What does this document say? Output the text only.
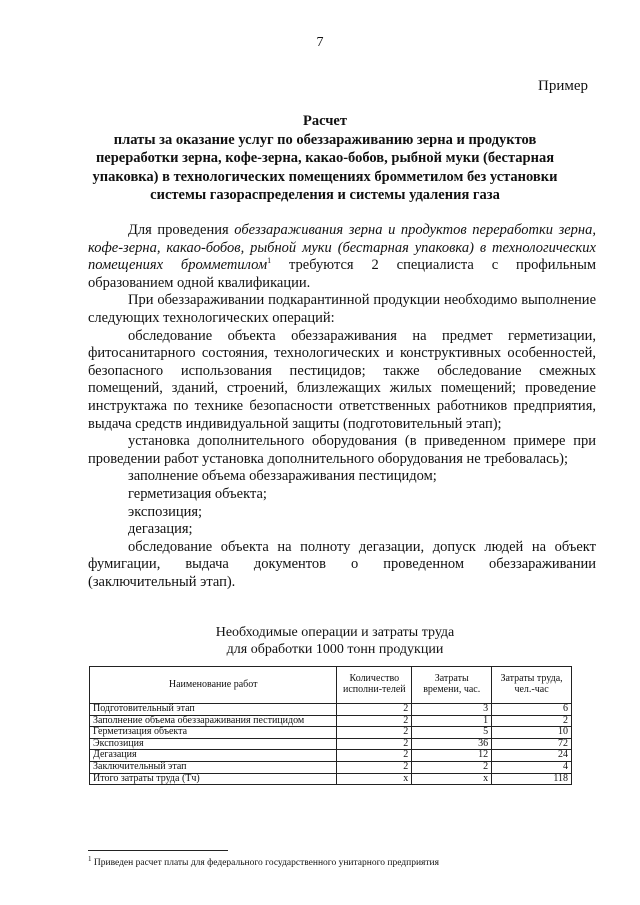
7
Пример
Расчет
платы за оказание услуг по обеззараживанию зерна и продуктов
переработки зерна, кофе-зерна, какао-бобов, рыбной муки (бестарная
упаковка) в технологических помещениях бромметилом без установки
системы газораспределения и системы удаления газа

Для проведения обеззараживания зерна и продуктов переработки зерна, кофе-зерна, какао-бобов, рыбной муки (бестарная упаковка) в технологических помещениях бромметилом$^1$ требуются 2 специалиста с профильным образованием одной квалификации.

При обеззараживании подкарантинной продукции необходимо выполнение следующих технологических операций:

обследование объекта обеззараживания на предмет герметизации, фитосанитарного состояния, технологических и конструктивных особенностей, безопасного использования пестицидов; также обследование смежных помещений, зданий, строений, близлежащих жилых помещений; проведение инструктажа по технике безопасности ответственных работников предприятия, выдача средств индивидуальной защиты (подготовительный этап);

установка дополнительного оборудования (в приведенном примере при проведении работ установка дополнительного оборудования не требовалась);

заполнение объема обеззараживания пестицидом;

герметизация объекта;

экспозиция;

дегазация;

обследование объекта на полноту дегазации, допуск людей на объект фумигации, выдача документов о проведенном обеззараживании (заключительный этап).

Необходимые операции и затраты труда
для обработки 1000 тонн продукции
Наименование работ	Количество исполни-телей	Затраты времени, час.	Затраты труда, чел.-час
Подготовительный этап	2	3	6
Заполнение объема обеззараживания пестицидом	2	1	2
Герметизация объекта	2	5	10
Экспозиция	2	36	72
Дегазация	2	12	24
Заключительный этап	2	2	4
Итого затраты труда (Тч)	x	x	118
$^1$ Приведен расчет платы для федерального государственного унитарного предприятия
